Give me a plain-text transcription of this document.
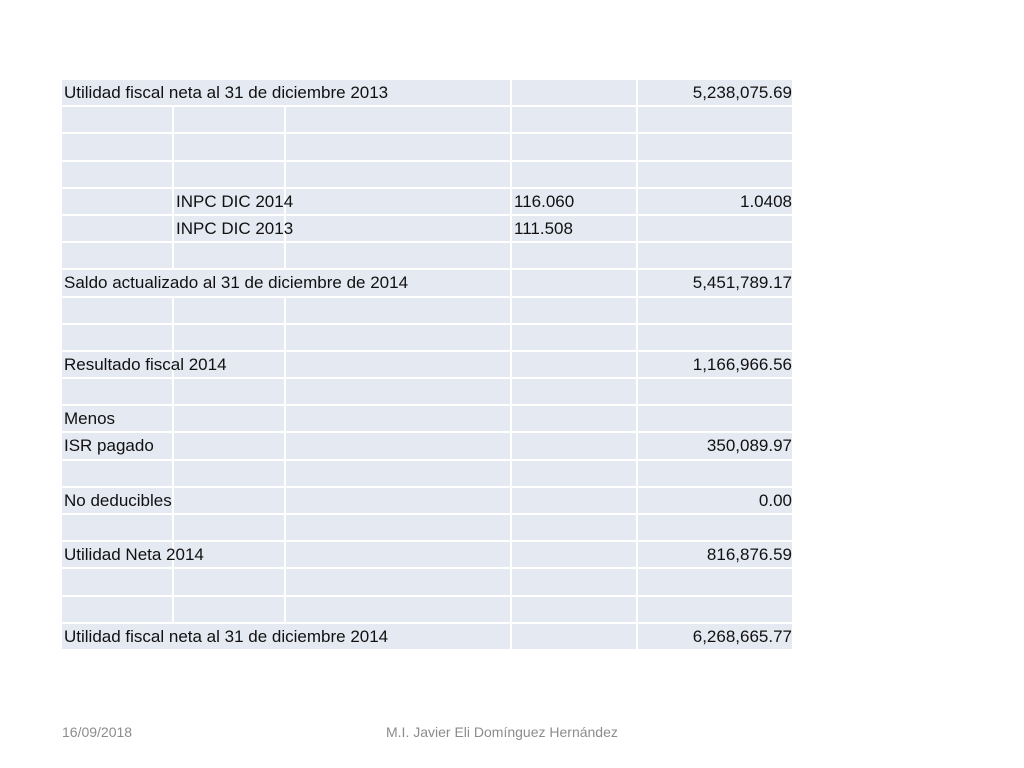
Utilidad fiscal neta al 31 de diciembre 2013	5,238,075.69
INPC DIC 2014	116.060	1.0408
INPC DIC 2013	111.508
Saldo actualizado al 31 de diciembre de 2014	5,451,789.17
Resultado fiscal 2014	1,166,966.56
Menos
ISR pagado	350,089.97
No deducibles	0.00
Utilidad Neta 2014	816,876.59
Utilidad fiscal neta al 31 de diciembre 2014	6,268,665.77
16/09/2018	M.I. Javier Eli Domínguez Hernández
